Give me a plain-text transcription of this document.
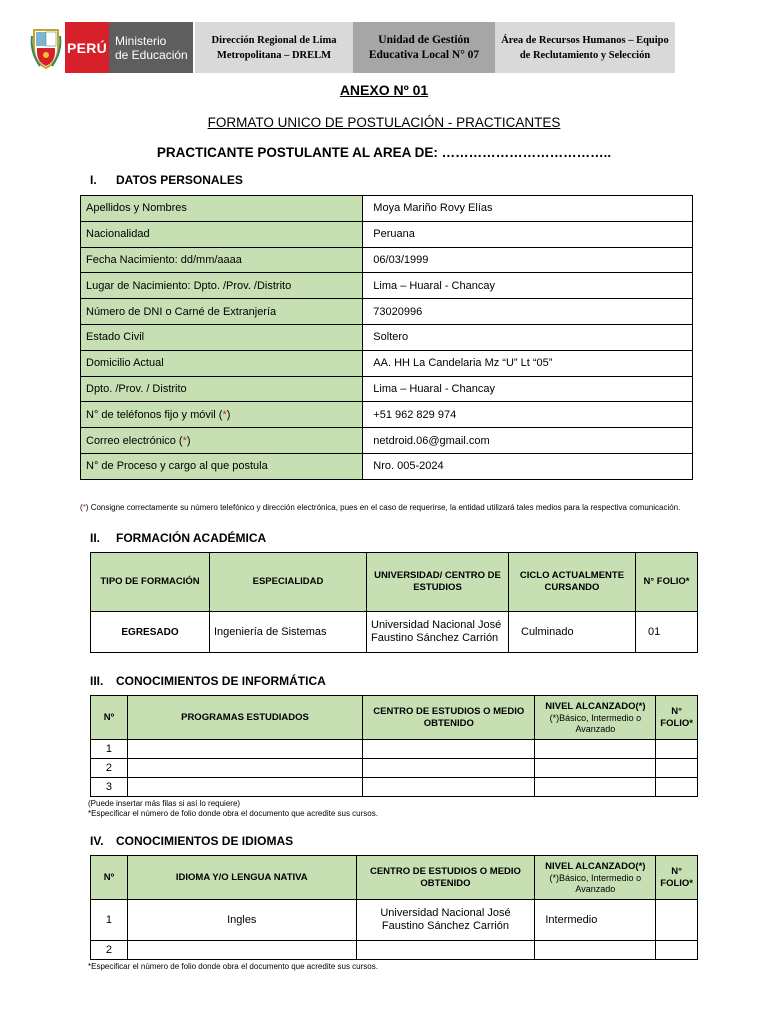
PERÚ Ministerio
de Educación
Dirección Regional de Lima
Metropolitana – DRELM
Unidad de Gestión
Educativa Local N° 07
Área de Recursos Humanos – Equipo
de Reclutamiento y Selección
ANEXO Nº 01
FORMATO UNICO DE POSTULACIÓN - PRACTICANTES
PRACTICANTE POSTULANTE AL AREA DE: ………………………………..
I. DATOS PERSONALES
Apellidos y Nombres	Moya Mariño Rovy Elías
Nacionalidad	Peruana
Fecha Nacimiento: dd/mm/aaaa	06/03/1999
Lugar de Nacimiento: Dpto. /Prov. /Distrito	Lima – Huaral - Chancay
Número de DNI o Carné de Extranjería	73020996
Estado Civil	Soltero
Domicilio Actual	AA. HH La Candelaria Mz “U” Lt “05”
Dpto. /Prov. / Distrito	Lima – Huaral - Chancay
N° de teléfonos fijo y móvil (*)	+51 962 829 974
Correo electrónico (*)	netdroid.06@gmail.com
N° de Proceso y cargo al que postula	Nro. 005-2024
(*) Consigne correctamente su número telefónico y dirección electrónica, pues en el caso de requerirse, la entidad utilizará tales medios para la respectiva comunicación.
II. FORMACIÓN ACADÉMICA
TIPO DE FORMACIÓN	ESPECIALIDAD	UNIVERSIDAD/ CENTRO DE ESTUDIOS	CICLO ACTUALMENTE CURSANDO	N° FOLIO*
EGRESADO	Ingeniería de Sistemas	Universidad Nacional José
Faustino Sánchez Carrión	Culminado	01
III. CONOCIMIENTOS DE INFORMÁTICA
Nº	PROGRAMAS ESTUDIADOS	CENTRO DE ESTUDIOS O MEDIO OBTENIDO	NIVEL ALCANZADO(*)
(*)Básico, Intermedio o Avanzado	N° FOLIO*
1				
2				
3				
(Puede insertar más filas si así lo requiere)
*Especificar el número de folio donde obra el documento que acredite sus cursos.
IV. CONOCIMIENTOS DE IDIOMAS
Nº	IDIOMA Y/O LENGUA NATIVA	CENTRO DE ESTUDIOS O MEDIO OBTENIDO	NIVEL ALCANZADO(*)
(*)Básico, Intermedio o Avanzado	N° FOLIO*
1	Ingles	Universidad Nacional José
Faustino Sánchez Carrión	Intermedio	
2				
*Especificar el número de folio donde obra el documento que acredite sus cursos.
